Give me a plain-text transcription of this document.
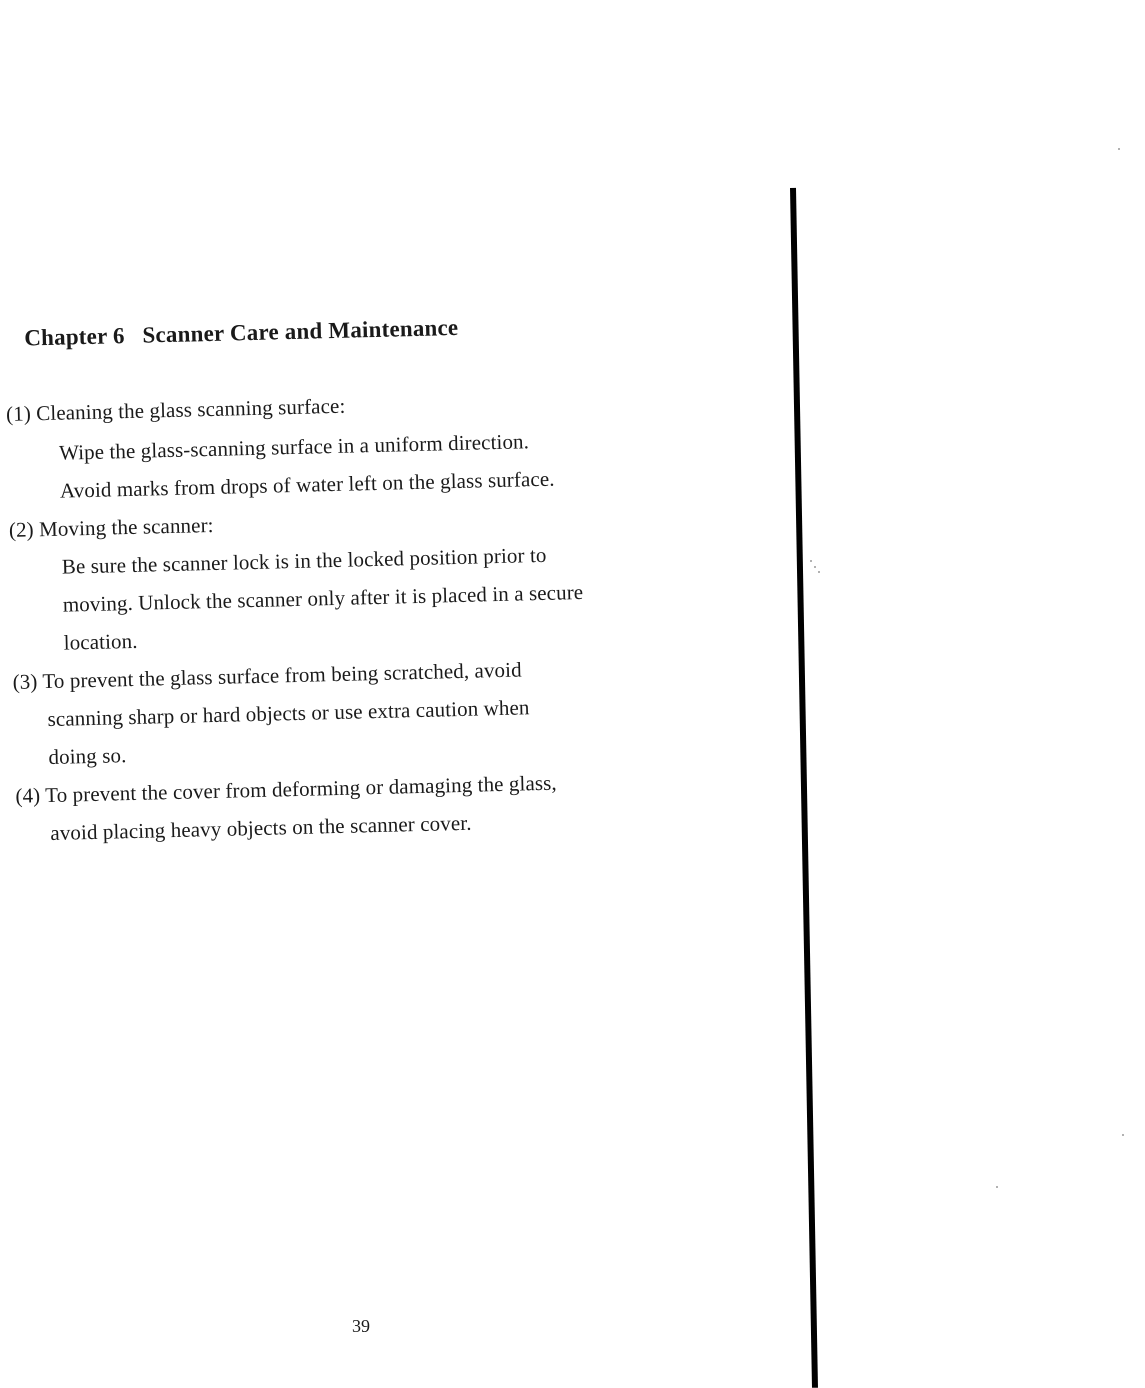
Chapter 6   Scanner Care and Maintenance
(1) Cleaning the glass scanning surface:
Wipe the glass-scanning surface in a uniform direction.
Avoid marks from drops of water left on the glass surface.
(2) Moving the scanner:
Be sure the scanner lock is in the locked position prior to
moving. Unlock the scanner only after it is placed in a secure
location.
(3) To prevent the glass surface from being scratched, avoid
scanning sharp or hard objects or use extra caution when
doing so.
(4) To prevent the cover from deforming or damaging the glass,
avoid placing heavy objects on the scanner cover.
39
